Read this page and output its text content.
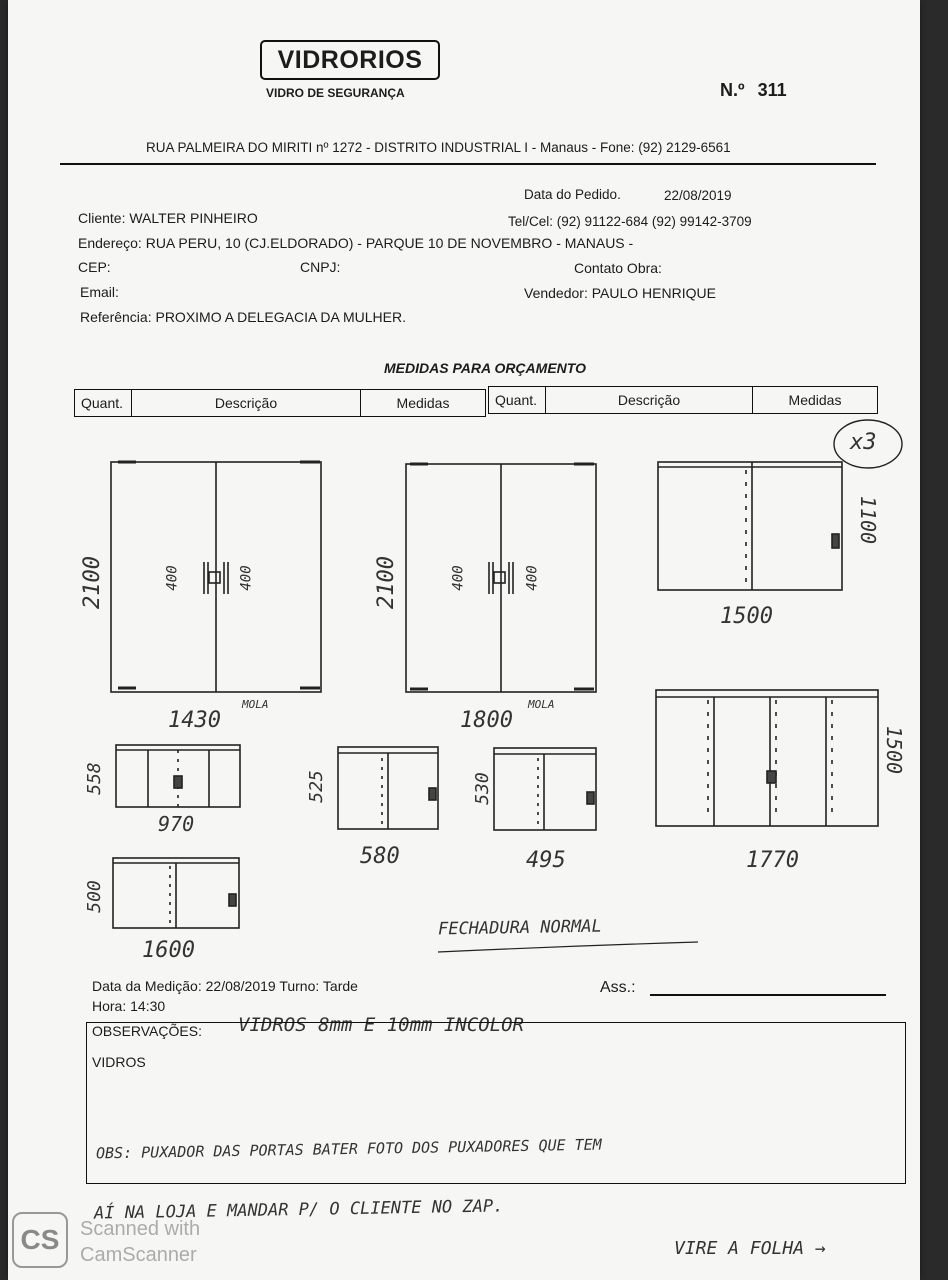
VIDRORIOS
VIDRO DE SEGURANÇA	N.º 311
RUA PALMEIRA DO MIRITI nº 1272 - DISTRITO INDUSTRIAL I - Manaus - Fone: (92) 2129-6561
Data do Pedido.	22/08/2019
Cliente: WALTER PINHEIRO	Tel/Cel: (92) 91122-684 (92) 99142-3709
Endereço: RUA PERU, 10 (CJ.ELDORADO) - PARQUE 10 DE NOVEMBRO - MANAUS -
CEP:	CNPJ:	Contato Obra:
Email:	Vendedor: PAULO HENRIQUE
Referência: PROXIMO A DELEGACIA DA MULHER.
MEDIDAS PARA ORÇAMENTO
Quant.	Descrição	Medidas	Quant.	Descrição	Medidas
2100	400	400
1430
MOLA
2100	400	400
1800
MOLA
x3
1100
1500
1500
1770
558
970
525
580
530
495
500
1600
FECHADURA NORMAL
Data da Medição: 22/08/2019 Turno: Tarde
Hora: 14:30
Ass.:
OBSERVAÇÕES: VIDROS 8mm E 10mm INCOLOR
VIDROS
OBS: PUXADOR DAS PORTAS BATER FOTO DOS PUXADORES QUE TEM
AÍ NA LOJA E MANDAR P/ O CLIENTE NO ZAP.
VIRE A FOLHA →
CS	Scanned with
CamScanner
